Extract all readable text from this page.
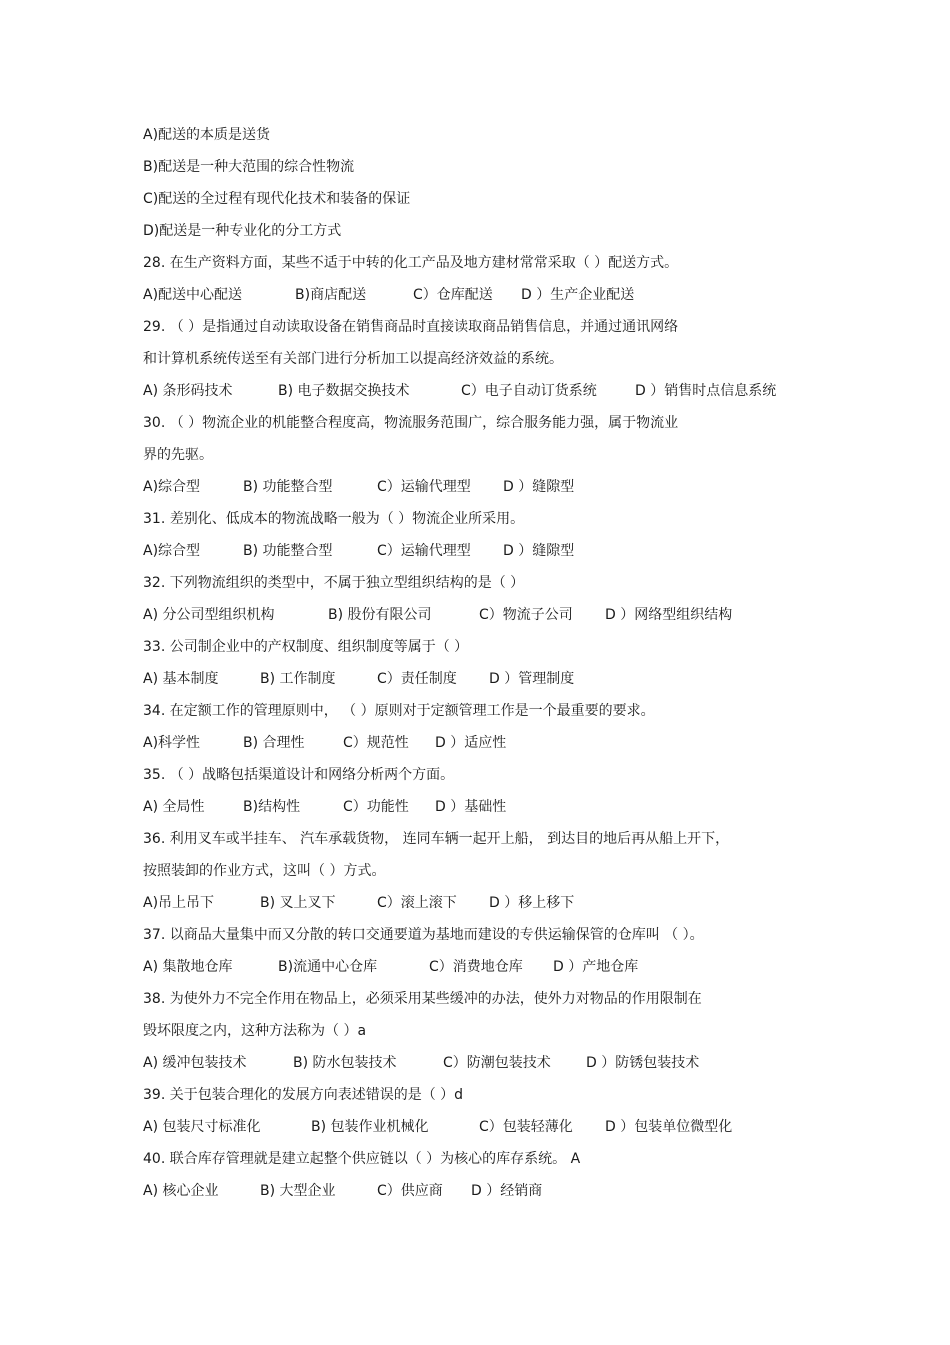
A)配送的本质是送货
B)配送是一种大范围的综合性物流
C)配送的全过程有现代化技术和装备的保证
D)配送是一种专业化的分工方式
28. 在生产资料方面，某些不适于中转的化工产品及地方建材常常采取（ ）配送方式。
A)配送中心配送	B)商店配送	C）仓库配送 D ）生产企业配送
29. （ ）是指通过自动读取设备在销售商品时直接读取商品销售信息，并通过通讯网络
和计算机系统传送至有关部门进行分析加工以提高经济效益的系统。
A) 条形码技术	B) 电子数据交换技术	C）电子自动订货系统	D ）销售时点信息系统
30. （ ）物流企业的机能整合程度高，物流服务范围广，综合服务能力强，属于物流业
界的先驱。
A)综合型	B) 功能整合型	C）运输代理型 D ）缝隙型
31. 差别化、低成本的物流战略一般为（ ）物流企业所采用。
A)综合型	B) 功能整合型	C）运输代理型 D ）缝隙型
32. 下列物流组织的类型中，不属于独立型组织结构的是（ ）
A) 分公司型组织机构	B) 股份有限公司	C）物流子公司 D ）网络型组织结构
33. 公司制企业中的产权制度、组织制度等属于（ ）
A) 基本制度	B) 工作制度	C）责任制度 D ）管理制度
34. 在定额工作的管理原则中， （ ）原则对于定额管理工作是一个最重要的要求。
A)科学性	B) 合理性	C）规范性 D ）适应性
35. （ ）战略包括渠道设计和网络分析两个方面。
A) 全局性	B)结构性	C）功能性 D ）基础性
36. 利用叉车或半挂车、 汽车承载货物， 连同车辆一起开上船， 到达目的地后再从船上开下，
按照装卸的作业方式，这叫（ ）方式。
A)吊上吊下	B) 叉上叉下	C）滚上滚下 D ）移上移下
37. 以商品大量集中而又分散的转口交通要道为基地而建设的专供运输保管的仓库叫 （ ）。
A) 集散地仓库	B)流通中心仓库	C）消费地仓库 D ）产地仓库
38. 为使外力不完全作用在物品上，必须采用某些缓冲的办法，使外力对物品的作用限制在
毁坏限度之内，这种方法称为（ ）a
A) 缓冲包装技术	B) 防水包装技术	C）防潮包装技术	D ）防锈包装技术
39. 关于包装合理化的发展方向表述错误的是（ ）d
A) 包装尺寸标准化	B) 包装作业机械化	C）包装轻薄化 D ）包装单位微型化
40. 联合库存管理就是建立起整个供应链以（ ）为核心的库存系统。 A
A) 核心企业	B) 大型企业	C）供应商 D ）经销商
